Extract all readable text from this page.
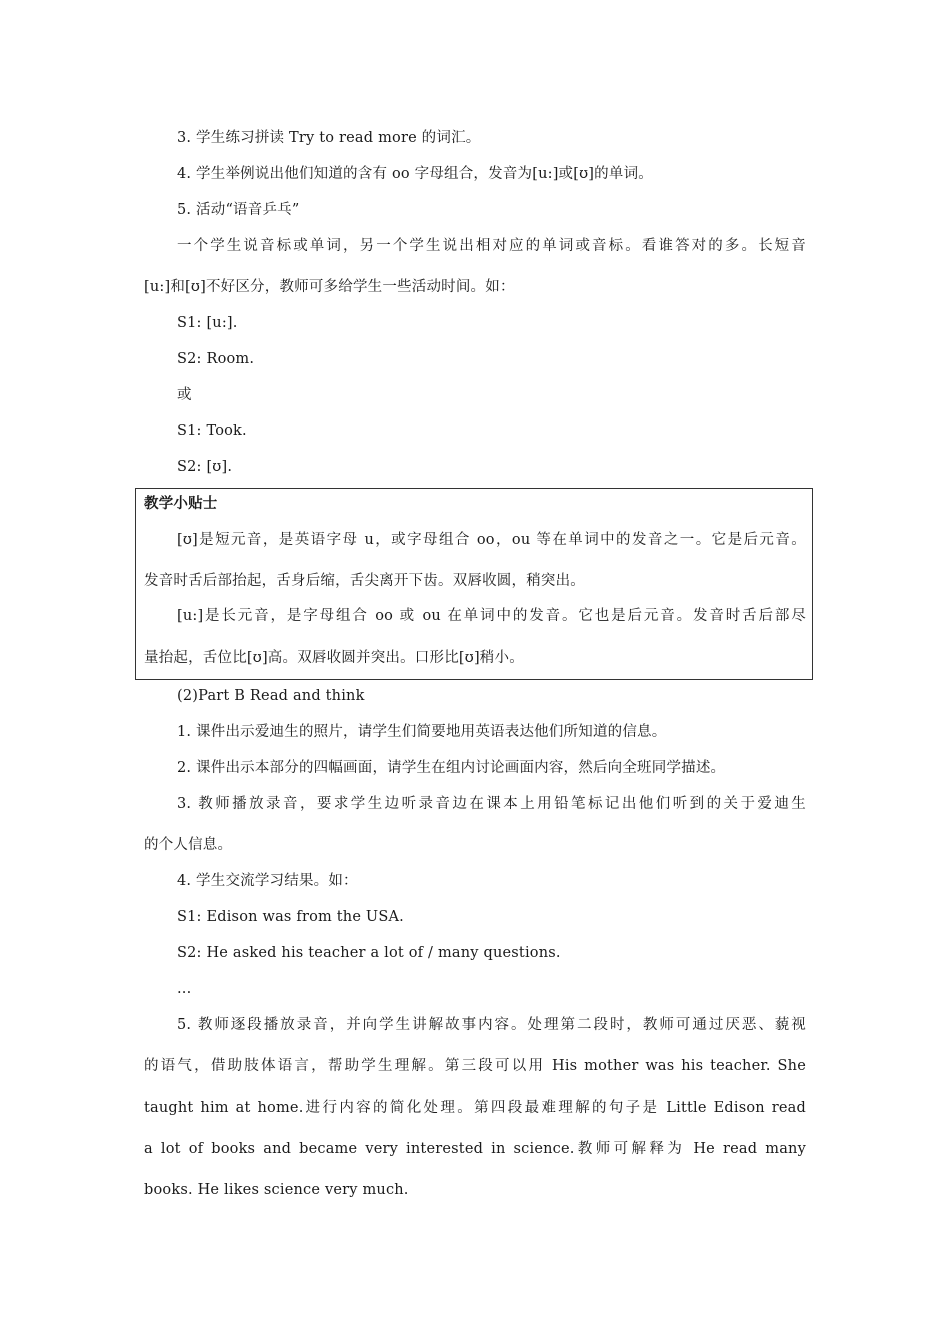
3. 学生练习拼读 Try to read more 的词汇。
4. 学生举例说出他们知道的含有 oo 字母组合，发音为[u:]或[ʊ]的单词。
5. 活动“语音乒乓”
一个学生说音标或单词，另一个学生说出相对应的单词或音标。看谁答对的多。长短音
[u:]和[ʊ]不好区分，教师可多给学生一些活动时间。如：
S1: [u:].
S2: Room.
或
S1: Took.
S2: [ʊ].
教学小贴士
[ʊ]是短元音，是英语字母 u，或字母组合 oo，ou 等在单词中的发音之一。它是后元音。
发音时舌后部抬起，舌身后缩，舌尖离开下齿。双唇收圆，稍突出。
[u:]是长元音，是字母组合 oo 或 ou 在单词中的发音。它也是后元音。发音时舌后部尽
量抬起，舌位比[ʊ]高。双唇收圆并突出。口形比[ʊ]稍小。
(2)Part B Read and think
1. 课件出示爱迪生的照片，请学生们简要地用英语表达他们所知道的信息。
2. 课件出示本部分的四幅画面，请学生在组内讨论画面内容，然后向全班同学描述。
3. 教师播放录音，要求学生边听录音边在课本上用铅笔标记出他们听到的关于爱迪生
的个人信息。
4. 学生交流学习结果。如：
S1: Edison was from the USA.
S2: He asked his teacher a lot of / many questions.
...
5. 教师逐段播放录音，并向学生讲解故事内容。处理第二段时，教师可通过厌恶、藐视
的语气，借助肢体语言，帮助学生理解。第三段可以用 His mother was his teacher. She
taught him at home.进行内容的简化处理。第四段最难理解的句子是 Little Edison read
a lot of books and became very interested in science.教师可解释为 He read many
books. He likes science very much.
